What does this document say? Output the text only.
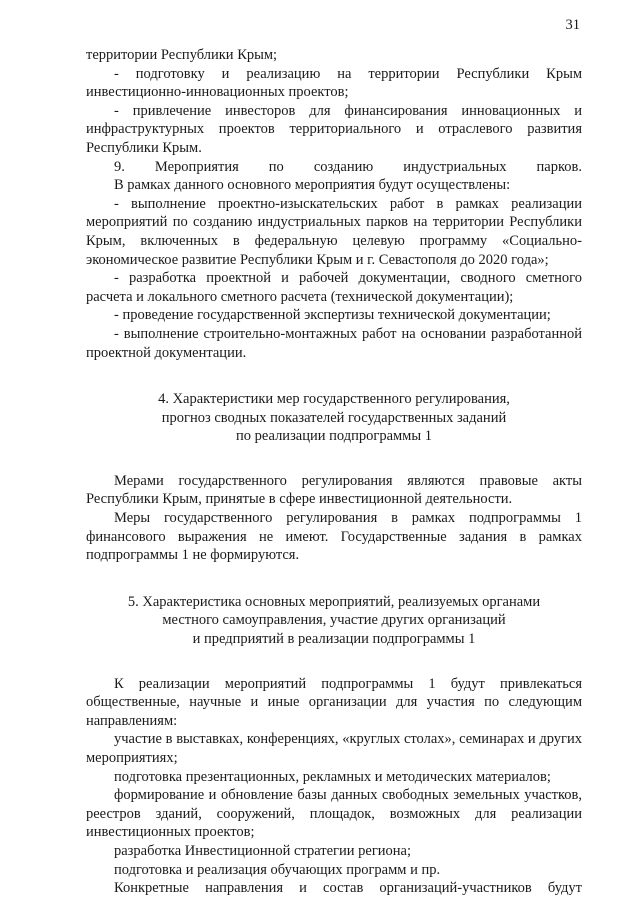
31

территории Республики Крым;

- подготовку и реализацию на территории Республики Крым инвестиционно-инновационных проектов;

- привлечение инвесторов для финансирования инновационных и инфраструктурных проектов территориального и отраслевого развития Республики Крым.

9. Мероприятия по созданию индустриальных парков.

В рамках данного основного мероприятия будут осуществлены:

- выполнение проектно-изыскательских работ в рамках реализации мероприятий по созданию индустриальных парков на территории Республики Крым, включенных в федеральную целевую программу «Социально-экономическое развитие Республики Крым и г. Севастополя до 2020 года»;

- разработка проектной и рабочей документации, сводного сметного расчета и локального сметного расчета (технической документации);

- проведение государственной экспертизы технической документации;

- выполнение строительно-монтажных работ на основании разработанной проектной документации.

4. Характеристики мер государственного регулирования,

прогноз сводных показателей государственных заданий

по реализации подпрограммы 1

Мерами государственного регулирования являются правовые акты Республики Крым, принятые в сфере инвестиционной деятельности.

Меры государственного регулирования в рамках подпрограммы 1 финансового выражения не имеют. Государственные задания в рамках подпрограммы 1 не формируются.

5. Характеристика основных мероприятий, реализуемых органами

местного самоуправления, участие других организаций

и предприятий в реализации подпрограммы 1

К реализации мероприятий подпрограммы 1 будут привлекаться общественные, научные и иные организации для участия по следующим направлениям:

участие в выставках, конференциях, «круглых столах», семинарах и других мероприятиях;

подготовка презентационных, рекламных и методических материалов;

формирование и обновление базы данных свободных земельных участков, реестров зданий, сооружений, площадок, возможных для реализации инвестиционных проектов;

разработка Инвестиционной стратегии региона;

подготовка и реализация обучающих программ и пр.

Конкретные направления и состав организаций-участников будут
